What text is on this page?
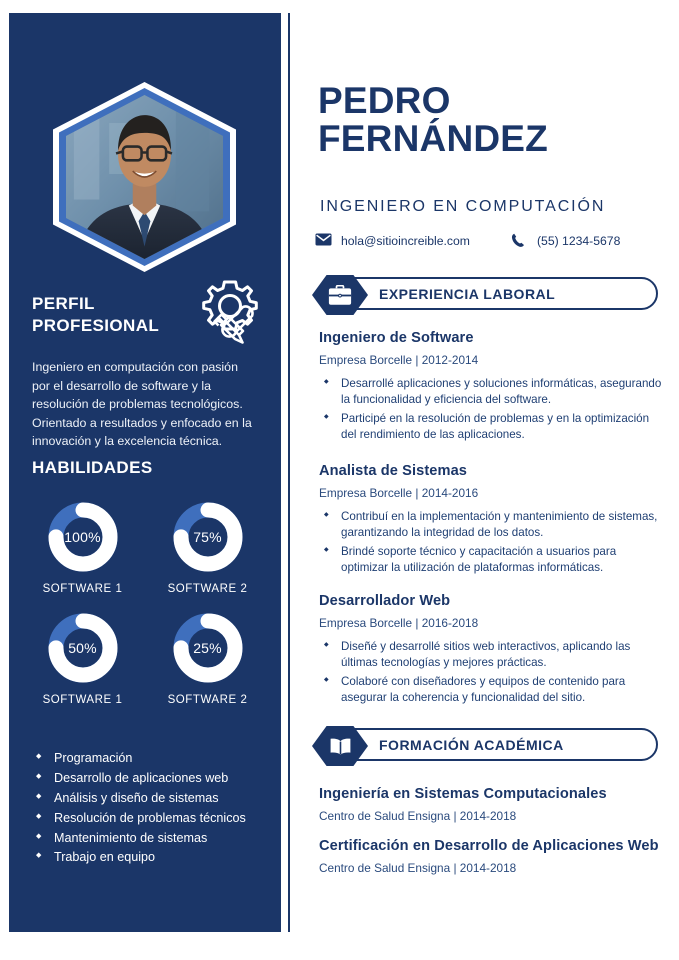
PERFIL
PROFESIONAL
Ingeniero en computación con pasión por el desarrollo de software y la resolución de problemas tecnológicos. Orientado a resultados y enfocado en la innovación y la excelencia técnica.
HABILIDADES
100%
SOFTWARE 1
75%
SOFTWARE 2
50%
SOFTWARE 1
25%
SOFTWARE 2
◆ Programación
◆ Desarrollo de aplicaciones web
◆ Análisis y diseño de sistemas
◆ Resolución de problemas técnicos
◆ Mantenimiento de sistemas
◆ Trabajo en equipo
PEDRO
FERNÁNDEZ
INGENIERO EN COMPUTACIÓN
hola@sitioincreible.com	(55) 1234-5678
EXPERIENCIA LABORAL
Ingeniero de Software
Empresa Borcelle | 2012-2014
◆ Desarrollé aplicaciones y soluciones informáticas, asegurando la funcionalidad y eficiencia del software.
◆ Participé en la resolución de problemas y en la optimización del rendimiento de las aplicaciones.
Analista de Sistemas
Empresa Borcelle | 2014-2016
◆ Contribuí en la implementación y mantenimiento de sistemas, garantizando la integridad de los datos.
◆ Brindé soporte técnico y capacitación a usuarios para optimizar la utilización de plataformas informáticas.
Desarrollador Web
Empresa Borcelle | 2016-2018
◆ Diseñé y desarrollé sitios web interactivos, aplicando las últimas tecnologías y mejores prácticas.
◆ Colaboré con diseñadores y equipos de contenido para asegurar la coherencia y funcionalidad del sitio.
FORMACIÓN ACADÉMICA
Ingeniería en Sistemas Computacionales
Centro de Salud Ensigna | 2014-2018
Certificación en Desarrollo de Aplicaciones Web
Centro de Salud Ensigna | 2014-2018
